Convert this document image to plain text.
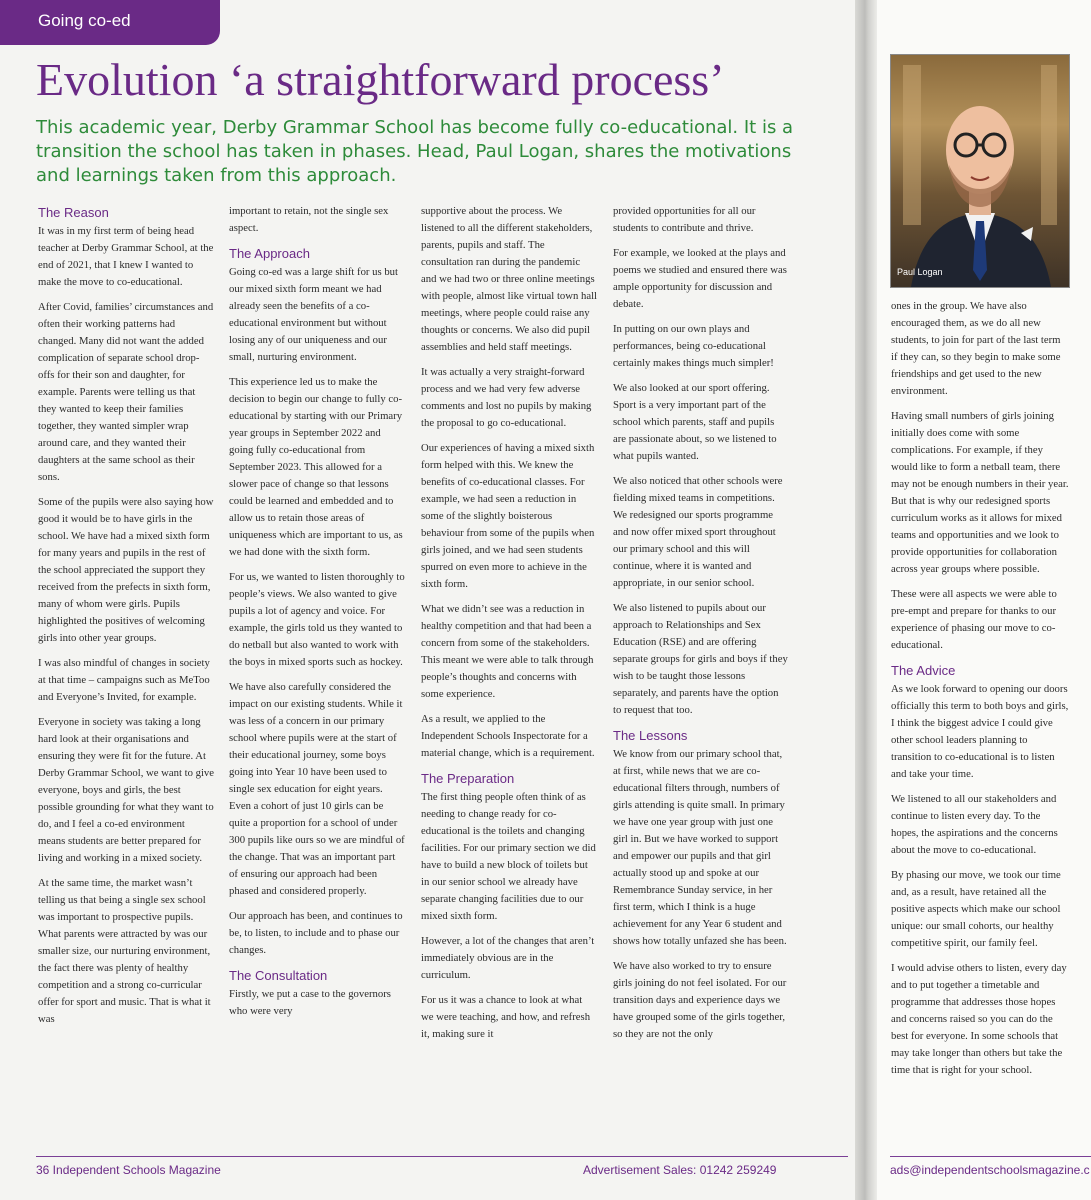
Going co-ed
Evolution ‘a straightforward process’

This academic year, Derby Grammar School has become fully co-educational. It is a transition the school has taken in phases. Head, Paul Logan, shares the motivations and learnings taken from this approach.

The Reason

It was in my first term of being head teacher at Derby Grammar School, at the end of 2021, that I knew I wanted to make the move to co-educational.

After Covid, families’ circumstances and often their working patterns had changed. Many did not want the added complication of separate school drop-offs for their son and daughter, for example. Parents were telling us that they wanted to keep their families together, they wanted simpler wrap around care, and they wanted their daughters at the same school as their sons.

Some of the pupils were also saying how good it would be to have girls in the school. We have had a mixed sixth form for many years and pupils in the rest of the school appreciated the support they received from the prefects in sixth form, many of whom were girls. Pupils highlighted the positives of welcoming girls into other year groups.

I was also mindful of changes in society at that time – campaigns such as MeToo and Everyone’s Invited, for example.

Everyone in society was taking a long hard look at their organisations and ensuring they were fit for the future. At Derby Grammar School, we want to give everyone, boys and girls, the best possible grounding for what they want to do, and I feel a co-ed environment means students are better prepared for living and working in a mixed society.

At the same time, the market wasn’t telling us that being a single sex school was important to prospective pupils. What parents were attracted by was our smaller size, our nurturing environment, the fact there was plenty of healthy competition and a strong co-curricular offer for sport and music. That is what it was

important to retain, not the single sex aspect.

The Approach

Going co-ed was a large shift for us but our mixed sixth form meant we had already seen the benefits of a co-educational environment but without losing any of our uniqueness and our small, nurturing environment.

This experience led us to make the decision to begin our change to fully co-educational by starting with our Primary year groups in September 2022 and going fully co-educational from September 2023. This allowed for a slower pace of change so that lessons could be learned and embedded and to allow us to retain those areas of uniqueness which are important to us, as we had done with the sixth form.

For us, we wanted to listen thoroughly to people’s views. We also wanted to give pupils a lot of agency and voice. For example, the girls told us they wanted to do netball but also wanted to work with the boys in mixed sports such as hockey.

We have also carefully considered the impact on our existing students. While it was less of a concern in our primary school where pupils were at the start of their educational journey, some boys going into Year 10 have been used to single sex education for eight years. Even a cohort of just 10 girls can be quite a proportion for a school of under 300 pupils like ours so we are mindful of the change. That was an important part of ensuring our approach had been phased and considered properly.

Our approach has been, and continues to be, to listen, to include and to phase our changes.

The Consultation

Firstly, we put a case to the governors who were very

supportive about the process. We listened to all the different stakeholders, parents, pupils and staff. The consultation ran during the pandemic and we had two or three online meetings with people, almost like virtual town hall meetings, where people could raise any thoughts or concerns. We also did pupil assemblies and held staff meetings.

It was actually a very straight-forward process and we had very few adverse comments and lost no pupils by making the proposal to go co-educational.

Our experiences of having a mixed sixth form helped with this. We knew the benefits of co-educational classes. For example, we had seen a reduction in some of the slightly boisterous behaviour from some of the pupils when girls joined, and we had seen students spurred on even more to achieve in the sixth form.

What we didn’t see was a reduction in healthy competition and that had been a concern from some of the stakeholders. This meant we were able to talk through people’s thoughts and concerns with some experience.

As a result, we applied to the Independent Schools Inspectorate for a material change, which is a requirement.

The Preparation

The first thing people often think of as needing to change ready for co-educational is the toilets and changing facilities. For our primary section we did have to build a new block of toilets but in our senior school we already have separate changing facilities due to our mixed sixth form.

However, a lot of the changes that aren’t immediately obvious are in the curriculum.

For us it was a chance to look at what we were teaching, and how, and refresh it, making sure it

provided opportunities for all our students to contribute and thrive.

For example, we looked at the plays and poems we studied and ensured there was ample opportunity for discussion and debate.

In putting on our own plays and performances, being co-educational certainly makes things much simpler!

We also looked at our sport offering. Sport is a very important part of the school which parents, staff and pupils are passionate about, so we listened to what pupils wanted.

We also noticed that other schools were fielding mixed teams in competitions. We redesigned our sports programme and now offer mixed sport throughout our primary school and this will continue, where it is wanted and appropriate, in our senior school.

We also listened to pupils about our approach to Relationships and Sex Education (RSE) and are offering separate groups for girls and boys if they wish to be taught those lessons separately, and parents have the option to request that too.

The Lessons

We know from our primary school that, at first, while news that we are co-educational filters through, numbers of girls attending is quite small. In primary we have one year group with just one girl in. But we have worked to support and empower our pupils and that girl actually stood up and spoke at our Remembrance Sunday service, in her first term, which I think is a huge achievement for any Year 6 student and shows how totally unfazed she has been.

We have also worked to try to ensure girls joining do not feel isolated. For our transition days and experience days we have grouped some of the girls together, so they are not the only

Paul Logan

ones in the group. We have also encouraged them, as we do all new students, to join for part of the last term if they can, so they begin to make some friendships and get used to the new environment.

Having small numbers of girls joining initially does come with some complications. For example, if they would like to form a netball team, there may not be enough numbers in their year. But that is why our redesigned sports curriculum works as it allows for mixed teams and opportunities and we look to provide opportunities for collaboration across year groups where possible.

These were all aspects we were able to pre-empt and prepare for thanks to our experience of phasing our move to co-educational.

The Advice

As we look forward to opening our doors officially this term to both boys and girls, I think the biggest advice I could give other school leaders planning to transition to co-educational is to listen and take your time.

We listened to all our stakeholders and continue to listen every day. To the hopes, the aspirations and the concerns about the move to co-educational.

By phasing our move, we took our time and, as a result, have retained all the positive aspects which make our school unique: our small cohorts, our healthy competitive spirit, our family feel.

I would advise others to listen, every day and to put together a timetable and programme that addresses those hopes and concerns raised so you can do the best for everyone. In some schools that may take longer than others but take the time that is right for your school.

36 Independent Schools Magazine	Advertisement Sales: 01242 259249	ads@independentschoolsmagazine.c
